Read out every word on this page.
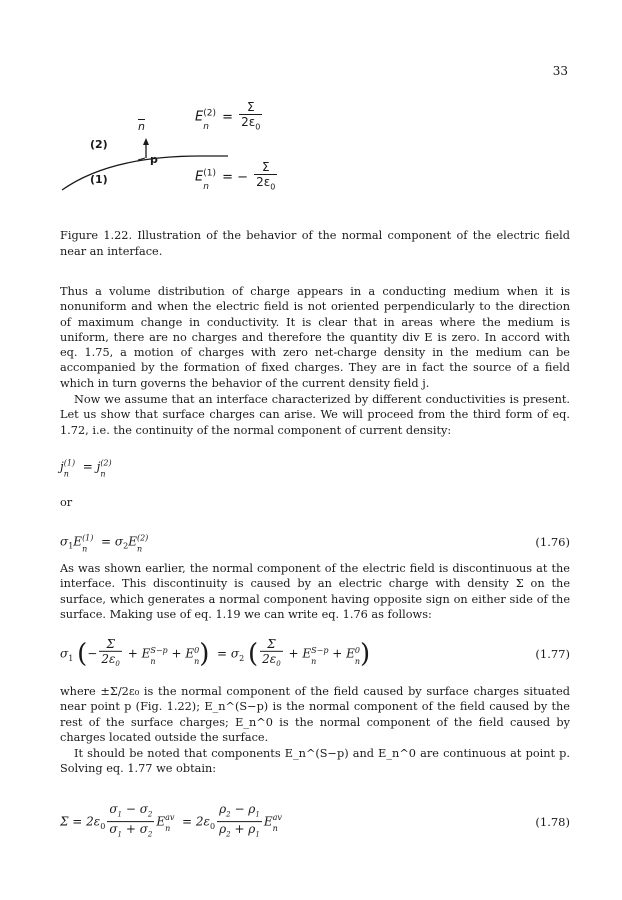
33
(2)
(1)
$\overline{n}$
p
$E^{(2)}$
n
= $\frac{\Sigma}{2\varepsilon_0}$
$E^{(1)}$
n
= − $\frac{\Sigma}{2\varepsilon_0}$
Figure 1.22. Illustration of the behavior of the normal component of the electric field near an interface.

Thus a volume distribution of charge appears in a conducting medium when it is nonuniform and when the electric field is not oriented perpendicularly to the direction of maximum change in conductivity. It is clear that in areas where the medium is uniform, there are no charges and therefore the quantity div E is zero. In accord with eq. 1.75, a motion of charges with zero net-charge density in the medium can be accompanied by the formation of fixed charges. They are in fact the source of a field which in turn governs the behavior of the current density field j.

Now we assume that an interface characterized by different conductivities is present. Let us show that surface charges can arise. We will proceed from the third form of eq. 1.72, i.e. the continuity of the normal component of current density:

$j^{(1)}$
n
= $j^{(2)}$
n
or
$\sigma_1E^{(1)}$
n
= $\sigma_2E^{(2)}$
n	(1.76)

As was shown earlier, the normal component of the electric field is discontinuous at the interface. This discontinuity is caused by an electric charge with density Σ on the surface, which generates a normal component having opposite sign on either side of the surface. Making use of eq. 1.19 we can write eq. 1.76 as follows:

$\sigma_1$ (− $\frac{\Sigma}{2\varepsilon_0} + E^{S-p}$
n
+ $E^0$
n )  = $\sigma_2$ ( $\frac{\Sigma}{2\varepsilon_0} + E^{S-p}$
n
+ $E^0$
n )	(1.77)

where ±Σ/2ε₀ is the normal component of the field caused by surface charges situated near point p (Fig. 1.22); E_n^(S−p) is the normal component of the field caused by the rest of the surface charges; E_n^0 is the normal component of the field caused by charges located outside the surface.

It should be noted that components E_n^(S−p) and E_n^0 are continuous at point p. Solving eq. 1.77 we obtain:

$\Sigma = 2\varepsilon_0 \frac{\sigma_1 - \sigma_2}{\sigma_1 + \sigma_2} E^{av}$
n
= $2\varepsilon_0 \frac{\rho_2 - \rho_1}{\rho_2 + \rho_1} E^{av}$
n	(1.78)
